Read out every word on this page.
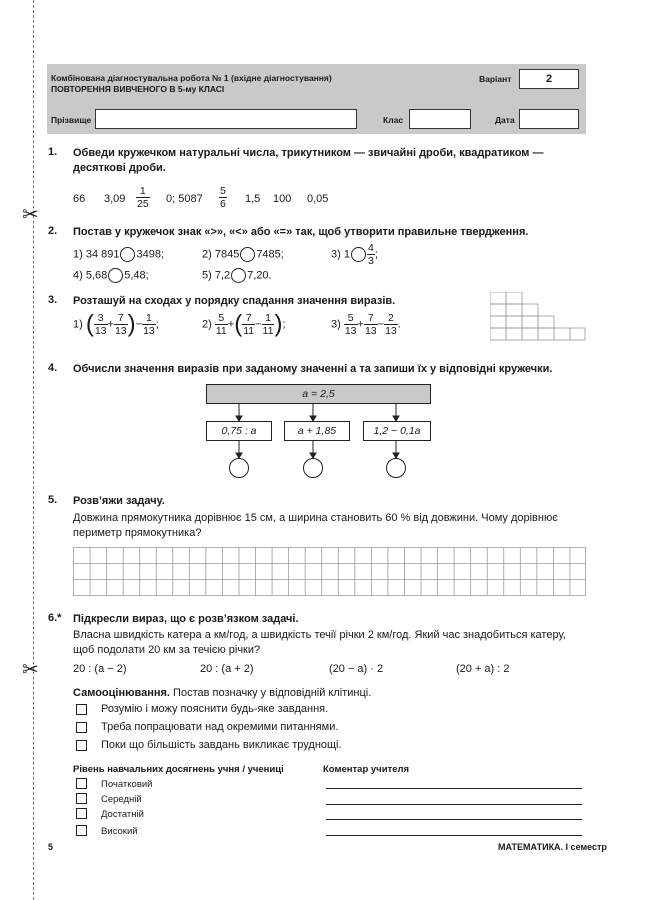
✂
✂
Комбінована діагностувальна робота № 1 (вхідне діагностування)
ПОВТОРЕННЯ ВИВЧЕНОГО В 5-му КЛАСІ
Варіант	2
Прізвище	Клас	Дата
1. Обведи кружечком натуральні числа, трикутником — звичайні дроби, квадратиком — десяткові дроби.
66 $3,09 \frac{1}{25} 0$; $5087 \frac{5}{6} 1,5$ 100 0,05
2. Постав у кружечок знак «>», «<» або «=» так, щоб утворити правильне твердження.
1) 34 891 3498;	2) 7845 7485;	3) $1 \frac{4}{3}$ ;
4) 5,68 5,48;	5) 7,2 7,20.
3. Розташуй на сходах у порядку спадання значення виразів.
1) ( $\frac{3}{13} + \frac{7}{13}$ )− $\frac{1}{13}$ ;	$2) \frac{5}{11}$ +( $\frac{7}{11} - \frac{1}{11}$ );	$3) \frac{5}{13} + \frac{7}{13} - \frac{2}{13}$ .
4. Обчисли значення виразів при заданому значенні a та запиши їх у відповідні кружечки.
a = 2,5
0,75 : a	a + 1,85	1,2 − 0,1a
5. Розв’яжи задачу.
Довжина прямокутника дорівнює 15 см, а ширина становить 60 % від довжини. Чому дорівнює периметр прямокутника?
6.* Підкресли вираз, що є розв’язком задачі.
Власна швидкість катера a км/год, а швидкість течії річки 2 км/год. Який час знадобиться катеру, щоб подолати 20 км за течією річки?
20 : (a − 2)	20 : (a + 2)	(20 − a) · 2	(20 + a) : 2
Самооцінювання. Постав позначку у відповідній клітинці.
Розумію і можу пояснити будь-яке завдання.
Треба попрацювати над окремими питаннями.
Поки що більшість завдань викликає труднощі.
Рівень навчальних досягнень учня / учениці
Початковий
Середній
Достатній
Високий
Коментар учителя
5	МАТЕМАТИКА. I семестр
